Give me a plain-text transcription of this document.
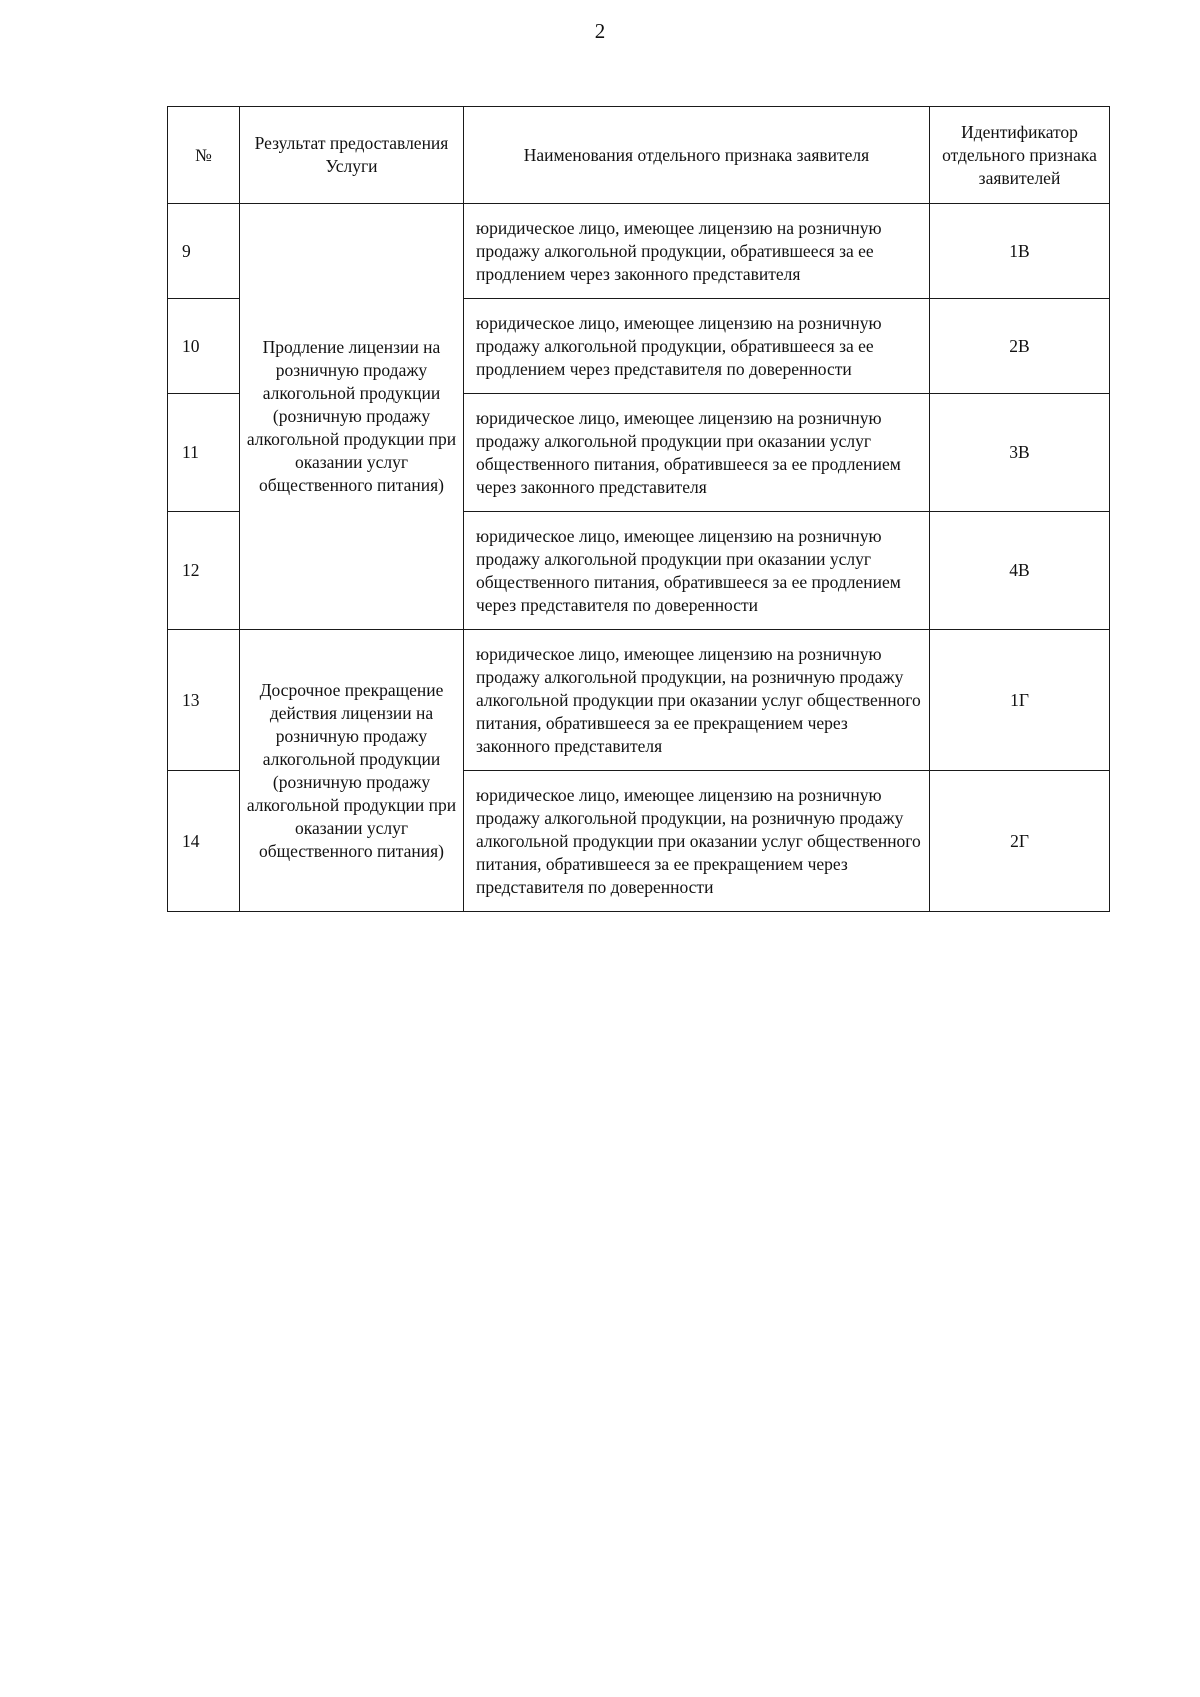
2
№	Результат предоставления Услуги	Наименования отдельного признака заявителя	Идентификатор отдельного признака заявителей
9	Продление лицензии на розничную продажу алкогольной продукции (розничную продажу алкогольной продукции при оказании услуг общественного питания)	юридическое лицо, имеющее лицензию на розничную продажу алкогольной продукции, обратившееся за ее продлением через законного представителя	1В
10		юридическое лицо, имеющее лицензию на розничную продажу алкогольной продукции, обратившееся за ее продлением через представителя по доверенности	2В
11		юридическое лицо, имеющее лицензию на розничную продажу алкогольной продукции при оказании услуг общественного питания, обратившееся за ее продлением через законного представителя	3В
12		юридическое лицо, имеющее лицензию на розничную продажу алкогольной продукции при оказании услуг общественного питания, обратившееся за ее продлением через представителя по доверенности	4В
13	Досрочное прекращение действия лицензии на розничную продажу алкогольной продукции (розничную продажу алкогольной продукции при оказании услуг общественного питания)	юридическое лицо, имеющее лицензию на розничную продажу алкогольной продукции, на розничную продажу алкогольной продукции при оказании услуг общественного питания, обратившееся за ее прекращением через законного представителя	1Г
14		юридическое лицо, имеющее лицензию на розничную продажу алкогольной продукции, на розничную продажу алкогольной продукции при оказании услуг общественного питания, обратившееся за ее прекращением через представителя по доверенности	2Г
